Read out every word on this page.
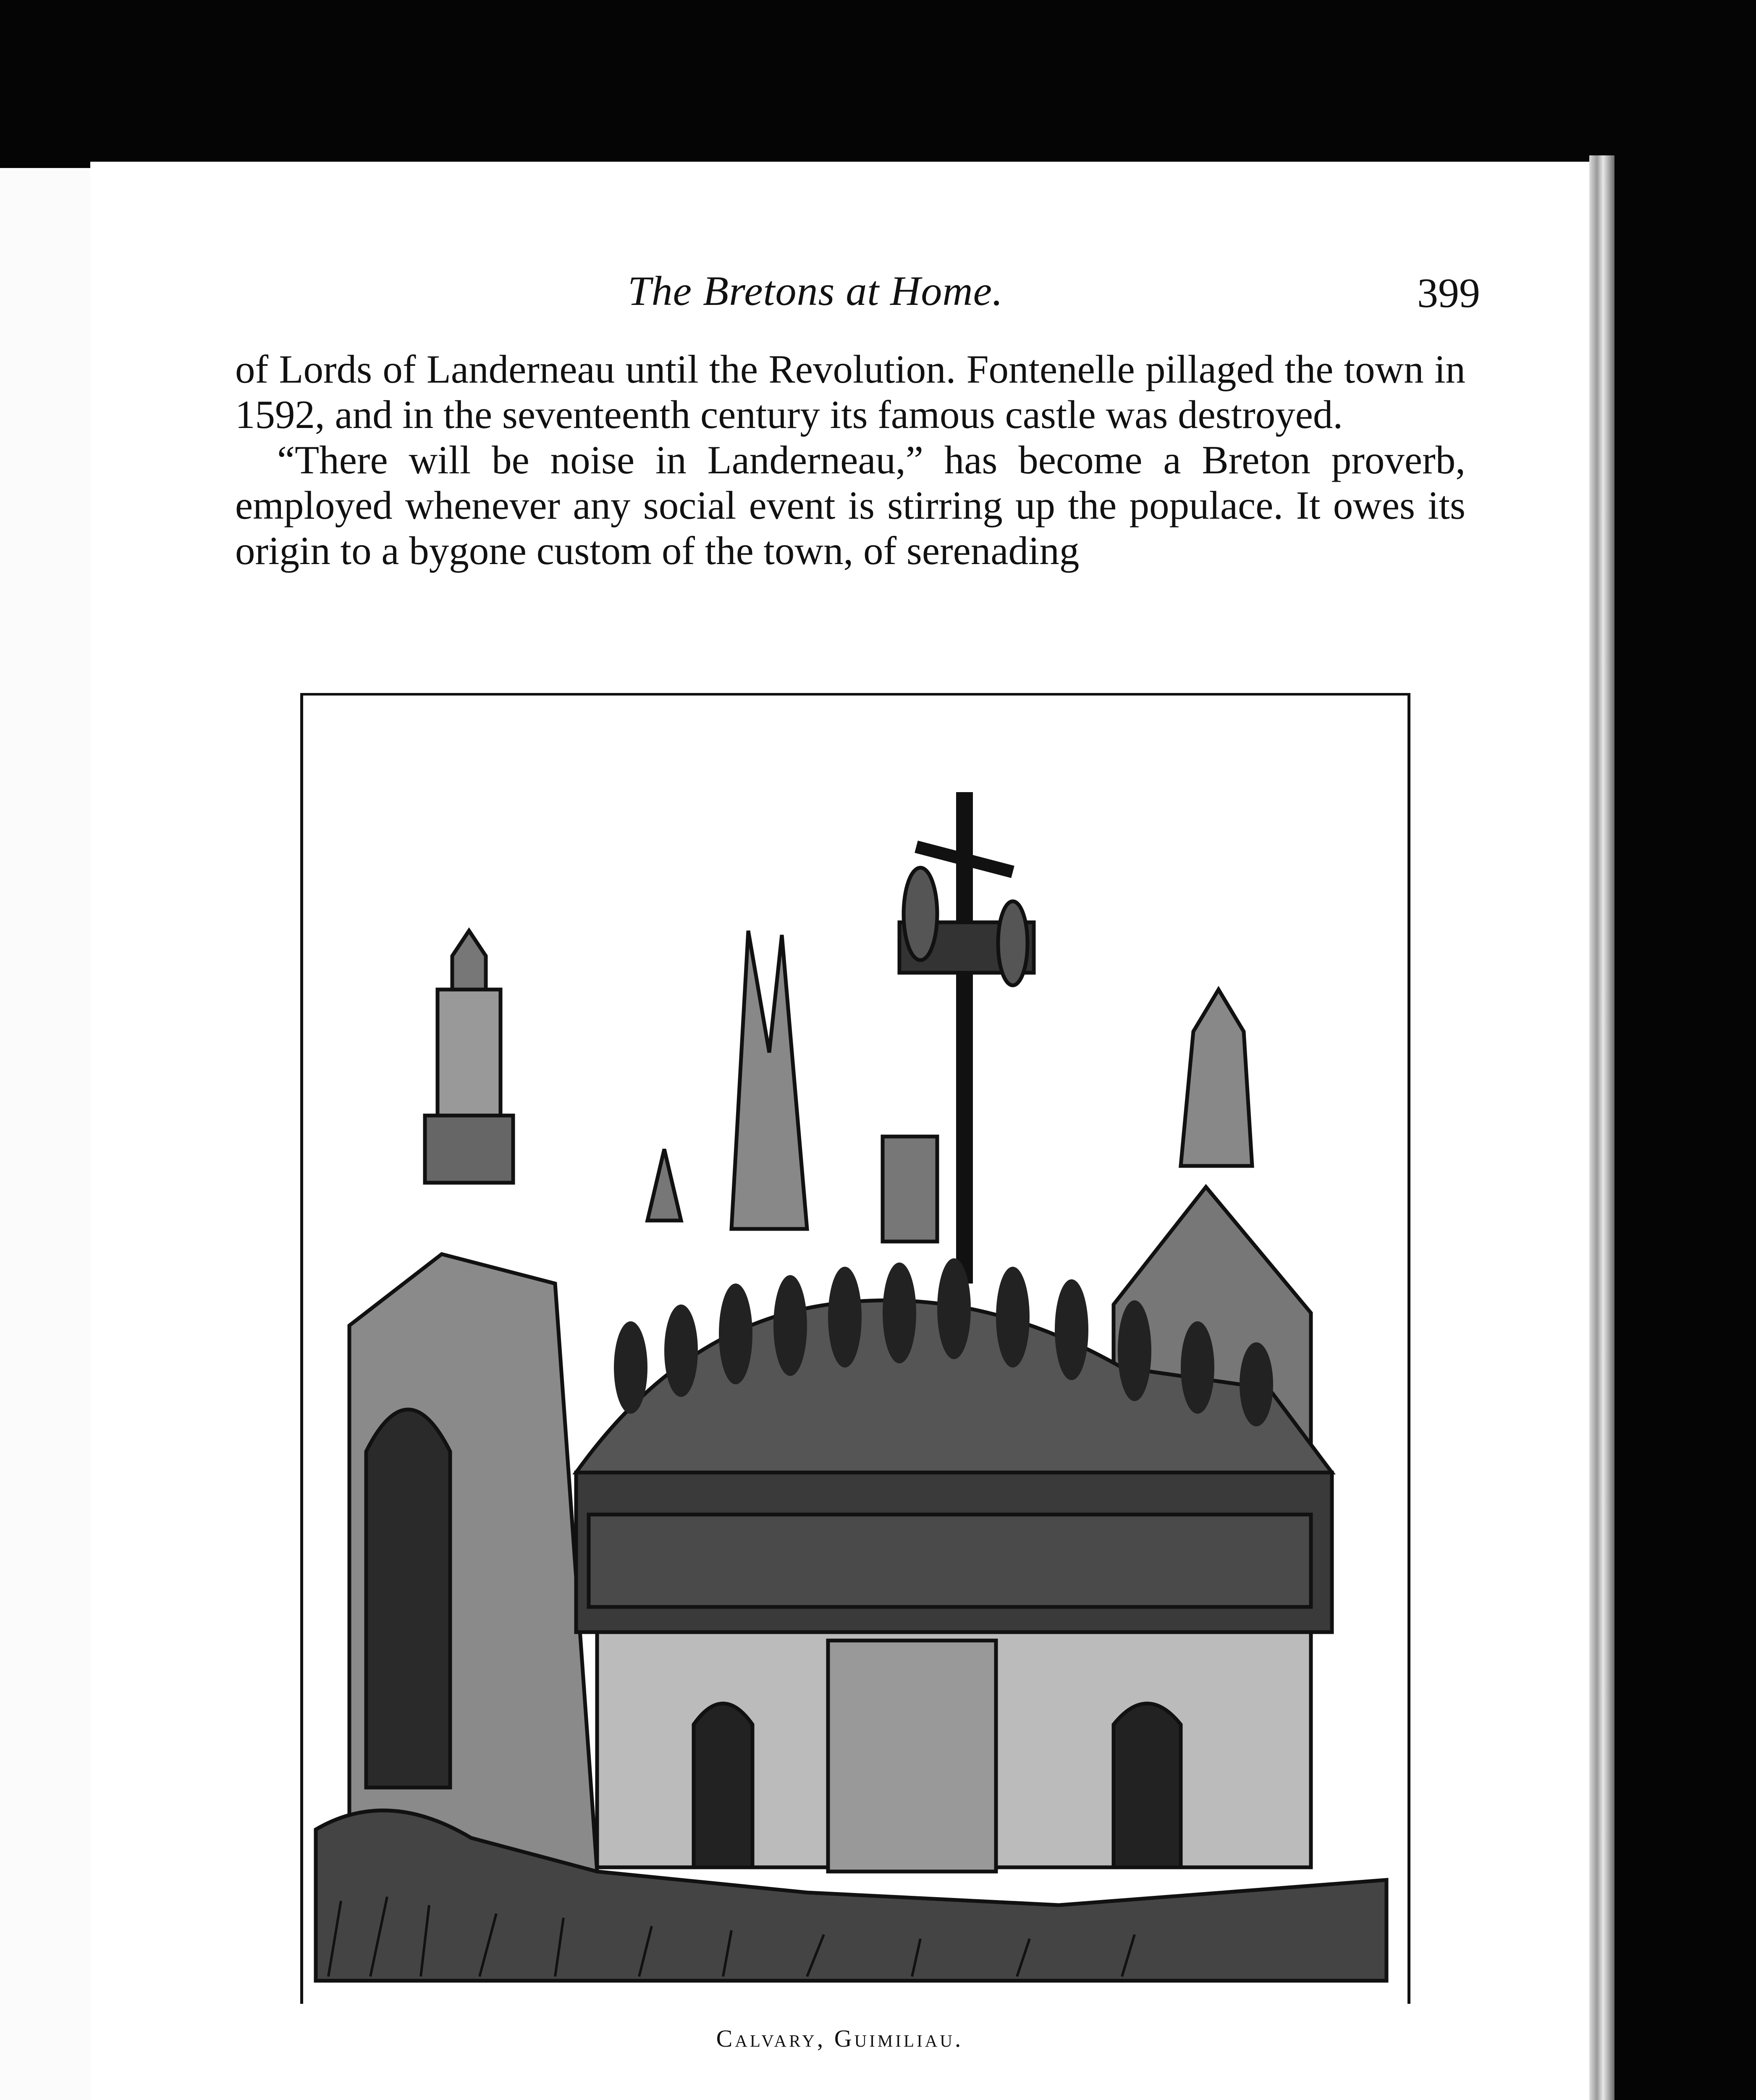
The Bretons at Home.	399

of Lords of Landerneau until the Revolution. Fontenelle pillaged the town in 1592, and in the seventeenth century its famous castle was destroyed.

“There will be noise in Landerneau,” has become a Breton proverb, employed whenever any social event is stirring up the populace. It owes its origin to a bygone custom of the town, of serenading

Calvary, Guimiliau.
